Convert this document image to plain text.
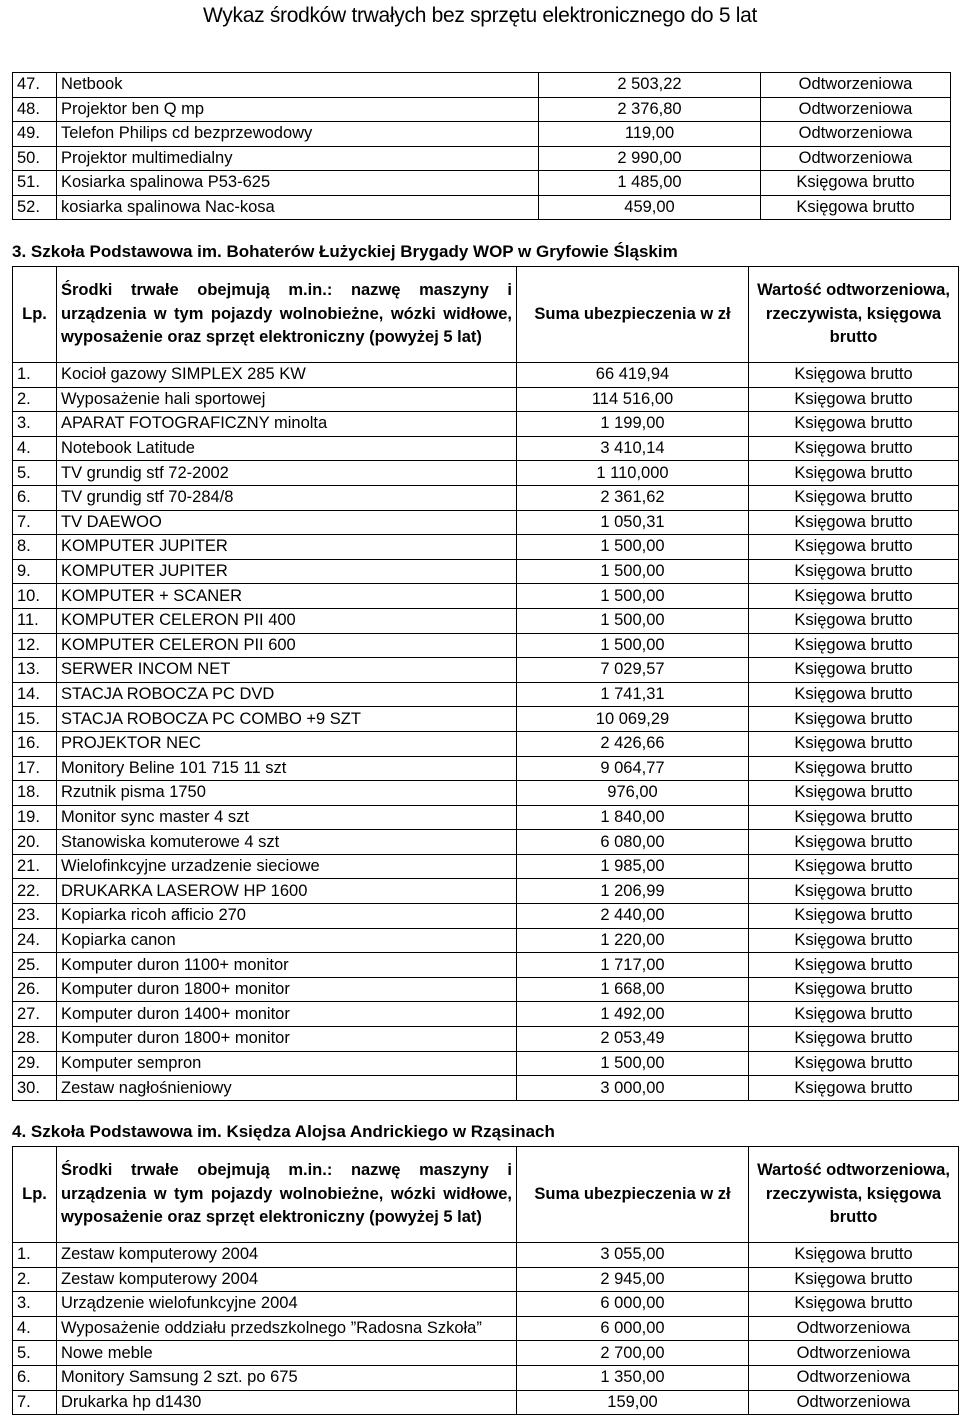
Wykaz środków trwałych bez sprzętu elektronicznego do 5 lat
47.	Netbook	2 503,22	Odtworzeniowa
48.	Projektor ben Q mp	2 376,80	Odtworzeniowa
49.	Telefon Philips cd bezprzewodowy	119,00	Odtworzeniowa
50.	Projektor multimedialny	2 990,00	Odtworzeniowa
51.	Kosiarka spalinowa P53-625	1 485,00	Księgowa brutto
52.	kosiarka spalinowa Nac-kosa	459,00	Księgowa brutto
3. Szkoła Podstawowa im. Bohaterów Łużyckiej Brygady WOP w Gryfowie Śląskim
Lp.	Środki trwałe obejmują m.in.: nazwę maszyny i urządzenia w tym pojazdy wolnobieżne, wózki widłowe, wyposażenie oraz sprzęt elektroniczny (powyżej 5 lat)	Suma ubezpieczenia w zł	Wartość odtworzeniowa, rzeczywista, księgowa brutto
1.	Kocioł gazowy SIMPLEX 285 KW	66 419,94	Księgowa brutto
2.	Wyposażenie hali sportowej	114 516,00	Księgowa brutto
3.	APARAT FOTOGRAFICZNY minolta	1 199,00	Księgowa brutto
4.	Notebook Latitude	3 410,14	Księgowa brutto
5.	TV grundig stf 72-2002	1 110,000	Księgowa brutto
6.	TV grundig stf 70-284/8	2 361,62	Księgowa brutto
7.	TV DAEWOO	1 050,31	Księgowa brutto
8.	KOMPUTER JUPITER	1 500,00	Księgowa brutto
9.	KOMPUTER JUPITER	1 500,00	Księgowa brutto
10.	KOMPUTER + SCANER	1 500,00	Księgowa brutto
11.	KOMPUTER CELERON PII 400	1 500,00	Księgowa brutto
12.	KOMPUTER CELERON PII 600	1 500,00	Księgowa brutto
13.	SERWER INCOM NET	7 029,57	Księgowa brutto
14.	STACJA ROBOCZA PC DVD	1 741,31	Księgowa brutto
15.	STACJA ROBOCZA PC COMBO +9 SZT	10 069,29	Księgowa brutto
16.	PROJEKTOR NEC	2 426,66	Księgowa brutto
17.	Monitory Beline 101 715 11 szt	9 064,77	Księgowa brutto
18.	Rzutnik pisma 1750	976,00	Księgowa brutto
19.	Monitor sync master 4 szt	1 840,00	Księgowa brutto
20.	Stanowiska komuterowe 4 szt	6 080,00	Księgowa brutto
21.	Wielofinkcyjne urzadzenie sieciowe	1 985,00	Księgowa brutto
22.	DRUKARKA LASEROW HP 1600	1 206,99	Księgowa brutto
23.	Kopiarka ricoh afficio 270	2 440,00	Księgowa brutto
24.	Kopiarka canon	1 220,00	Księgowa brutto
25.	Komputer duron 1100+ monitor	1 717,00	Księgowa brutto
26.	Komputer duron 1800+ monitor	1 668,00	Księgowa brutto
27.	Komputer duron 1400+ monitor	1 492,00	Księgowa brutto
28.	Komputer duron 1800+ monitor	2 053,49	Księgowa brutto
29.	Komputer sempron	1 500,00	Księgowa brutto
30.	Zestaw nagłośnieniowy	3 000,00	Księgowa brutto
4. Szkoła Podstawowa im. Księdza Alojsa Andrickiego w Rząsinach
Lp.	Środki trwałe obejmują m.in.: nazwę maszyny i urządzenia w tym pojazdy wolnobieżne, wózki widłowe, wyposażenie oraz sprzęt elektroniczny (powyżej 5 lat)	Suma ubezpieczenia w zł	Wartość odtworzeniowa, rzeczywista, księgowa brutto
1.	Zestaw komputerowy 2004	3 055,00	Księgowa brutto
2.	Zestaw komputerowy 2004	2 945,00	Księgowa brutto
3.	Urządzenie wielofunkcyjne 2004	6 000,00	Księgowa brutto
4.	Wyposażenie oddziału przedszkolnego ”Radosna Szkoła”	6 000,00	Odtworzeniowa
5.	Nowe meble	2 700,00	Odtworzeniowa
6.	Monitory Samsung 2 szt. po 675	1 350,00	Odtworzeniowa
7.	Drukarka hp d1430	159,00	Odtworzeniowa
